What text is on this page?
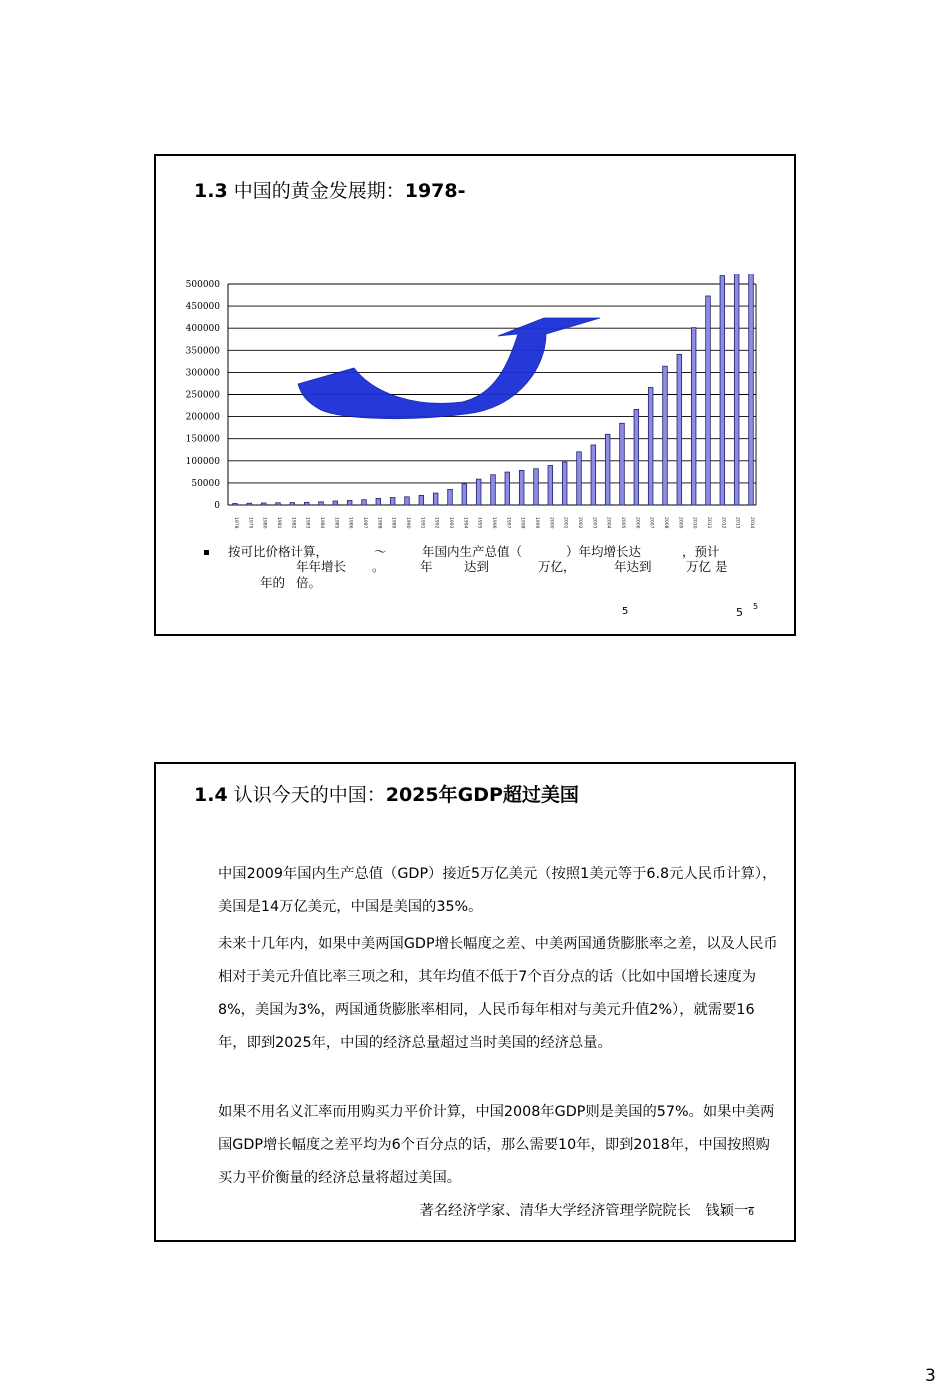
1.3 中国的黄金发展期：1978-
500000
450000
400000
350000
300000
250000
200000
150000
100000
50000
0
1978 1979 1980 1981 1982 1983 1984 1985 1986 1987 1988 1989 1990 1991 1992 1993 1994 1995 1996 1997 1998 1999 2000 2001 2002 2003 2004 2005 2006 2007 2008 2009 2010 2011 2012 2013 2014
按可比价格计算，	～	年国内生产总值（	）年均增长达	，预计
年年增长 。	年	达到	万亿，	年达到	万亿 是
年的 倍。
5	5 5
1.4 认识今天的中国：2025年GDP超过美国

中国2009年国内生产总值（GDP）接近5万亿美元（按照1美元等于6.8元人民币计算），美国是14万亿美元，中国是美国的35%。

未来十几年内，如果中美两国GDP增长幅度之差、中美两国通货膨胀率之差，以及人民币相对于美元升值比率三项之和，其年均值不低于7个百分点的话（比如中国增长速度为8%，美国为3%，两国通货膨胀率相同，人民币每年相对与美元升值2%），就需要16年，即到2025年，中国的经济总量超过当时美国的经济总量。

如果不用名义汇率而用购买力平价计算，中国2008年GDP则是美国的57%。如果中美两国GDP增长幅度之差平均为6个百分点的话，那么需要10年，即到2018年，中国按照购买力平价衡量的经济总量将超过美国。

著名经济学家、清华大学经济管理学院院长　钱颖一6
3
